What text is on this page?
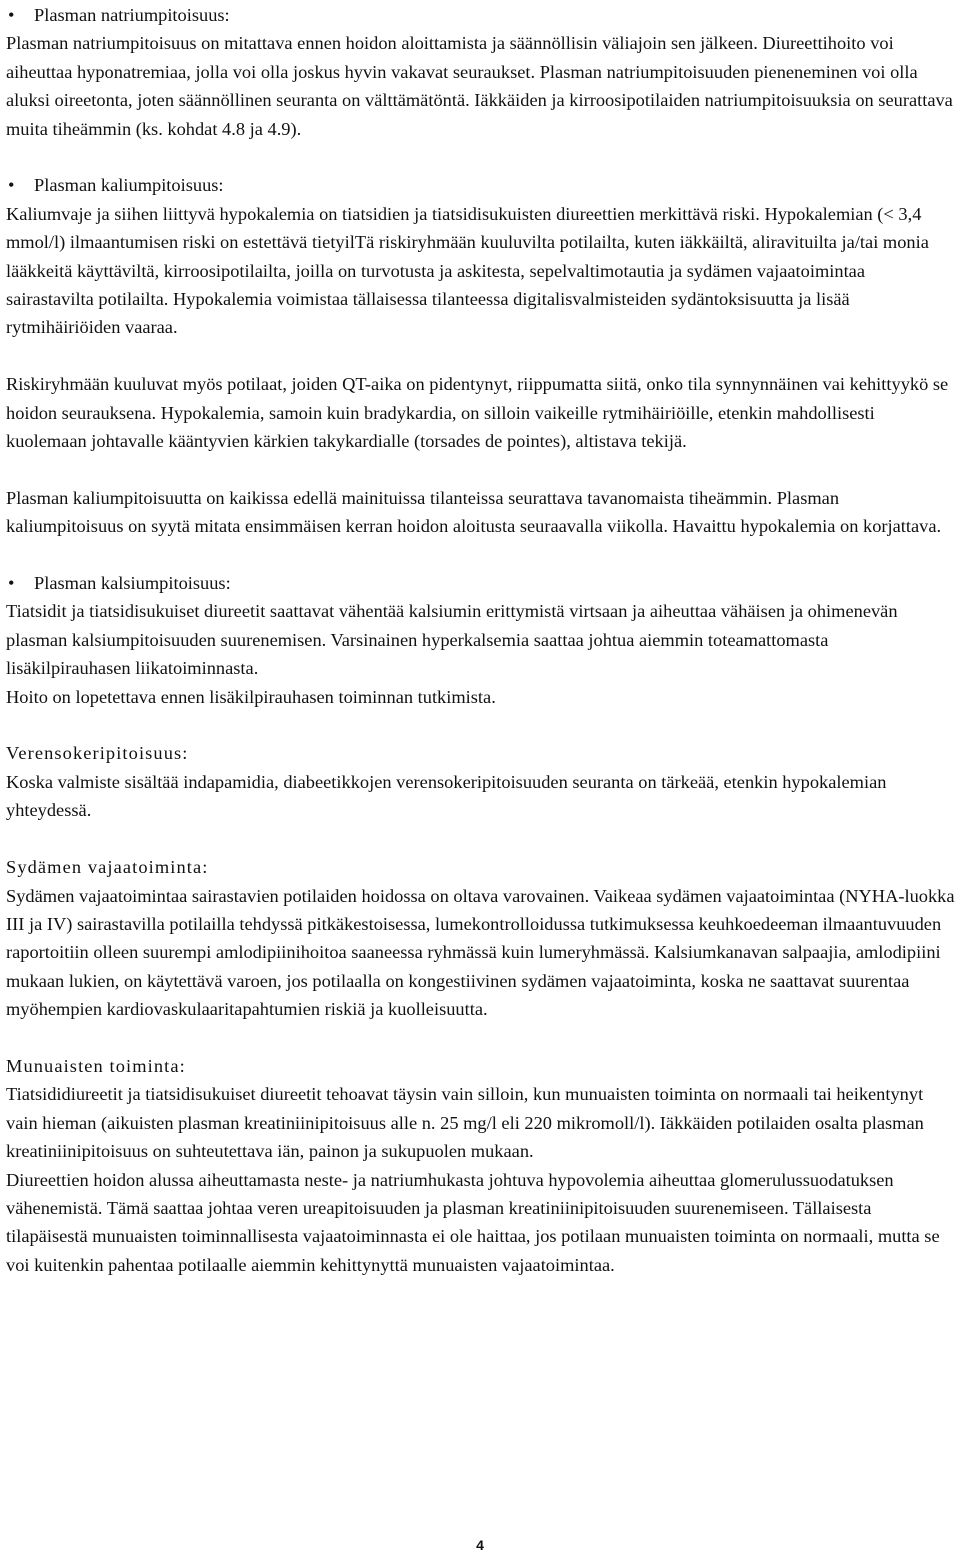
• Plasman natriumpitoisuus:

Plasman natriumpitoisuus on mitattava ennen hoidon aloittamista ja säännöllisin väliajoin sen jälkeen. Diureettihoito voi aiheuttaa hyponatremiaa, jolla voi olla joskus hyvin vakavat seuraukset. Plasman natriumpitoisuuden pieneneminen voi olla aluksi oireetonta, joten säännöllinen seuranta on välttämätöntä. Iäkkäiden ja kirroosipotilaiden natriumpitoisuuksia on seurattava muita tiheämmin (ks. kohdat 4.8 ja 4.9).

• Plasman kaliumpitoisuus:

Kaliumvaje ja siihen liittyvä hypokalemia on tiatsidien ja tiatsidisukuisten diureettien merkittävä riski. Hypokalemian (< 3,4 mmol/l) ilmaantumisen riski on estettävä tietyilTä riskiryhmään kuuluvilta potilailta, kuten iäkkäiltä, aliravituilta ja/tai monia lääkkeitä käyttäviltä, kirroosipotilailta, joilla on turvotusta ja askitesta, sepelvaltimotautia ja sydämen vajaatoimintaa sairastavilta potilailta. Hypokalemia voimistaa tällaisessa tilanteessa digitalisvalmisteiden sydäntoksisuutta ja lisää rytmihäiriöiden vaaraa.

Riskiryhmään kuuluvat myös potilaat, joiden QT-aika on pidentynyt, riippumatta siitä, onko tila synnynnäinen vai kehittyykö se hoidon seurauksena. Hypokalemia, samoin kuin bradykardia, on silloin vaikeille rytmihäiriöille, etenkin mahdollisesti kuolemaan johtavalle kääntyvien kärkien takykardialle (torsades de pointes), altistava tekijä.

Plasman kaliumpitoisuutta on kaikissa edellä mainituissa tilanteissa seurattava tavanomaista tiheämmin. Plasman kaliumpitoisuus on syytä mitata ensimmäisen kerran hoidon aloitusta seuraavalla viikolla. Havaittu hypokalemia on korjattava.

• Plasman kalsiumpitoisuus:

Tiatsidit ja tiatsidisukuiset diureetit saattavat vähentää kalsiumin erittymistä virtsaan ja aiheuttaa vähäisen ja ohimenevän plasman kalsiumpitoisuuden suurenemisen. Varsinainen hyperkalsemia saattaa johtua aiemmin toteamattomasta lisäkilpirauhasen liikatoiminnasta.

Hoito on lopetettava ennen lisäkilpirauhasen toiminnan tutkimista.

Verensokeripitoisuus:

Koska valmiste sisältää indapamidia, diabeetikkojen verensokeripitoisuuden seuranta on tärkeää, etenkin hypokalemian yhteydessä.

Sydämen vajaatoiminta:

Sydämen vajaatoimintaa sairastavien potilaiden hoidossa on oltava varovainen. Vaikeaa sydämen vajaatoimintaa (NYHA-luokka III ja IV) sairastavilla potilailla tehdyssä pitkäkestoisessa, lumekontrolloidussa tutkimuksessa keuhkoedeeman ilmaantuvuuden raportoitiin olleen suurempi amlodipiinihoitoa saaneessa ryhmässä kuin lumeryhmässä. Kalsiumkanavan salpaajia, amlodipiini mukaan lukien, on käytettävä varoen, jos potilaalla on kongestiivinen sydämen vajaatoiminta, koska ne saattavat suurentaa myöhempien kardiovaskulaaritapahtumien riskiä ja kuolleisuutta.

Munuaisten toiminta:

Tiatsididiureetit ja tiatsidisukuiset diureetit tehoavat täysin vain silloin, kun munuaisten toiminta on normaali tai heikentynyt vain hieman (aikuisten plasman kreatiniinipitoisuus alle n. 25 mg/l eli 220 mikromoll/l). Iäkkäiden potilaiden osalta plasman kreatiniinipitoisuus on suhteutettava iän, painon ja sukupuolen mukaan.

Diureettien hoidon alussa aiheuttamasta neste- ja natriumhukasta johtuva hypovolemia aiheuttaa glomerulussuodatuksen vähenemistä. Tämä saattaa johtaa veren ureapitoisuuden ja plasman kreatiniinipitoisuuden suurenemiseen. Tällaisesta tilapäisestä munuaisten toiminnallisesta vajaatoiminnasta ei ole haittaa, jos potilaan munuaisten toiminta on normaali, mutta se voi kuitenkin pahentaa potilaalle aiemmin kehittynyttä munuaisten vajaatoimintaa.

4
